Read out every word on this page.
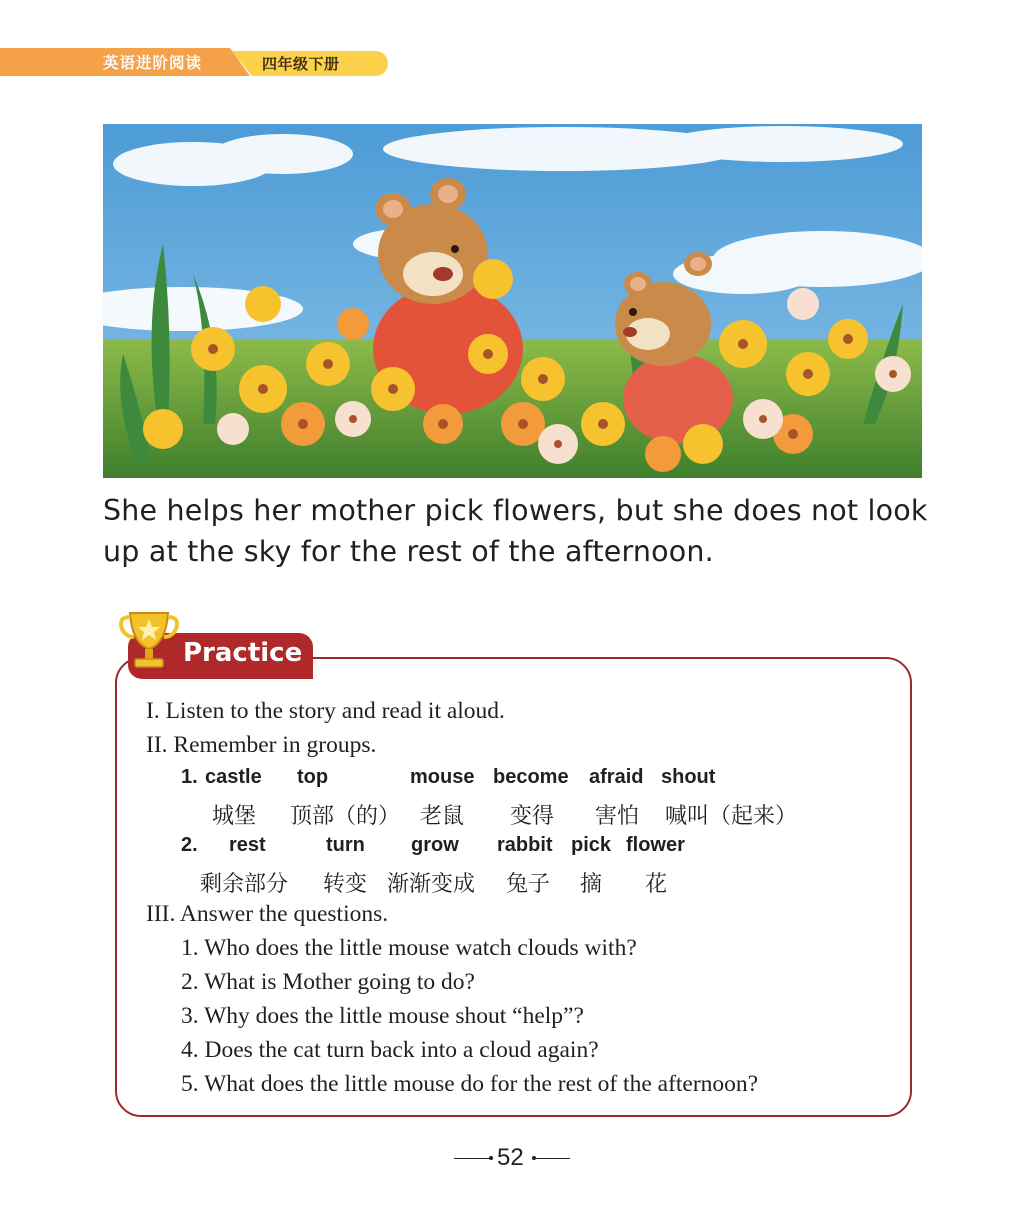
英语进阶阅读	四年级下册
She helps her mother pick flowers, but she does not look
up at the sky for the rest of the afternoon.
Practice
I. Listen to the story and read it aloud.
II. Remember in groups.
1. castle top	mouse become afraid shout
城堡 顶部（的） 老鼠 变得 害怕 喊叫（起来）
2. rest	turn grow rabbit pick flower
剩余部分 转变 渐渐变成 兔子 摘 花
III. Answer the questions.
1. Who does the little mouse watch clouds with?
2. What is Mother going to do?
3. Why does the little mouse shout “help”?
4. Does the cat turn back into a cloud again?
5. What does the little mouse do for the rest of the afternoon?
52
